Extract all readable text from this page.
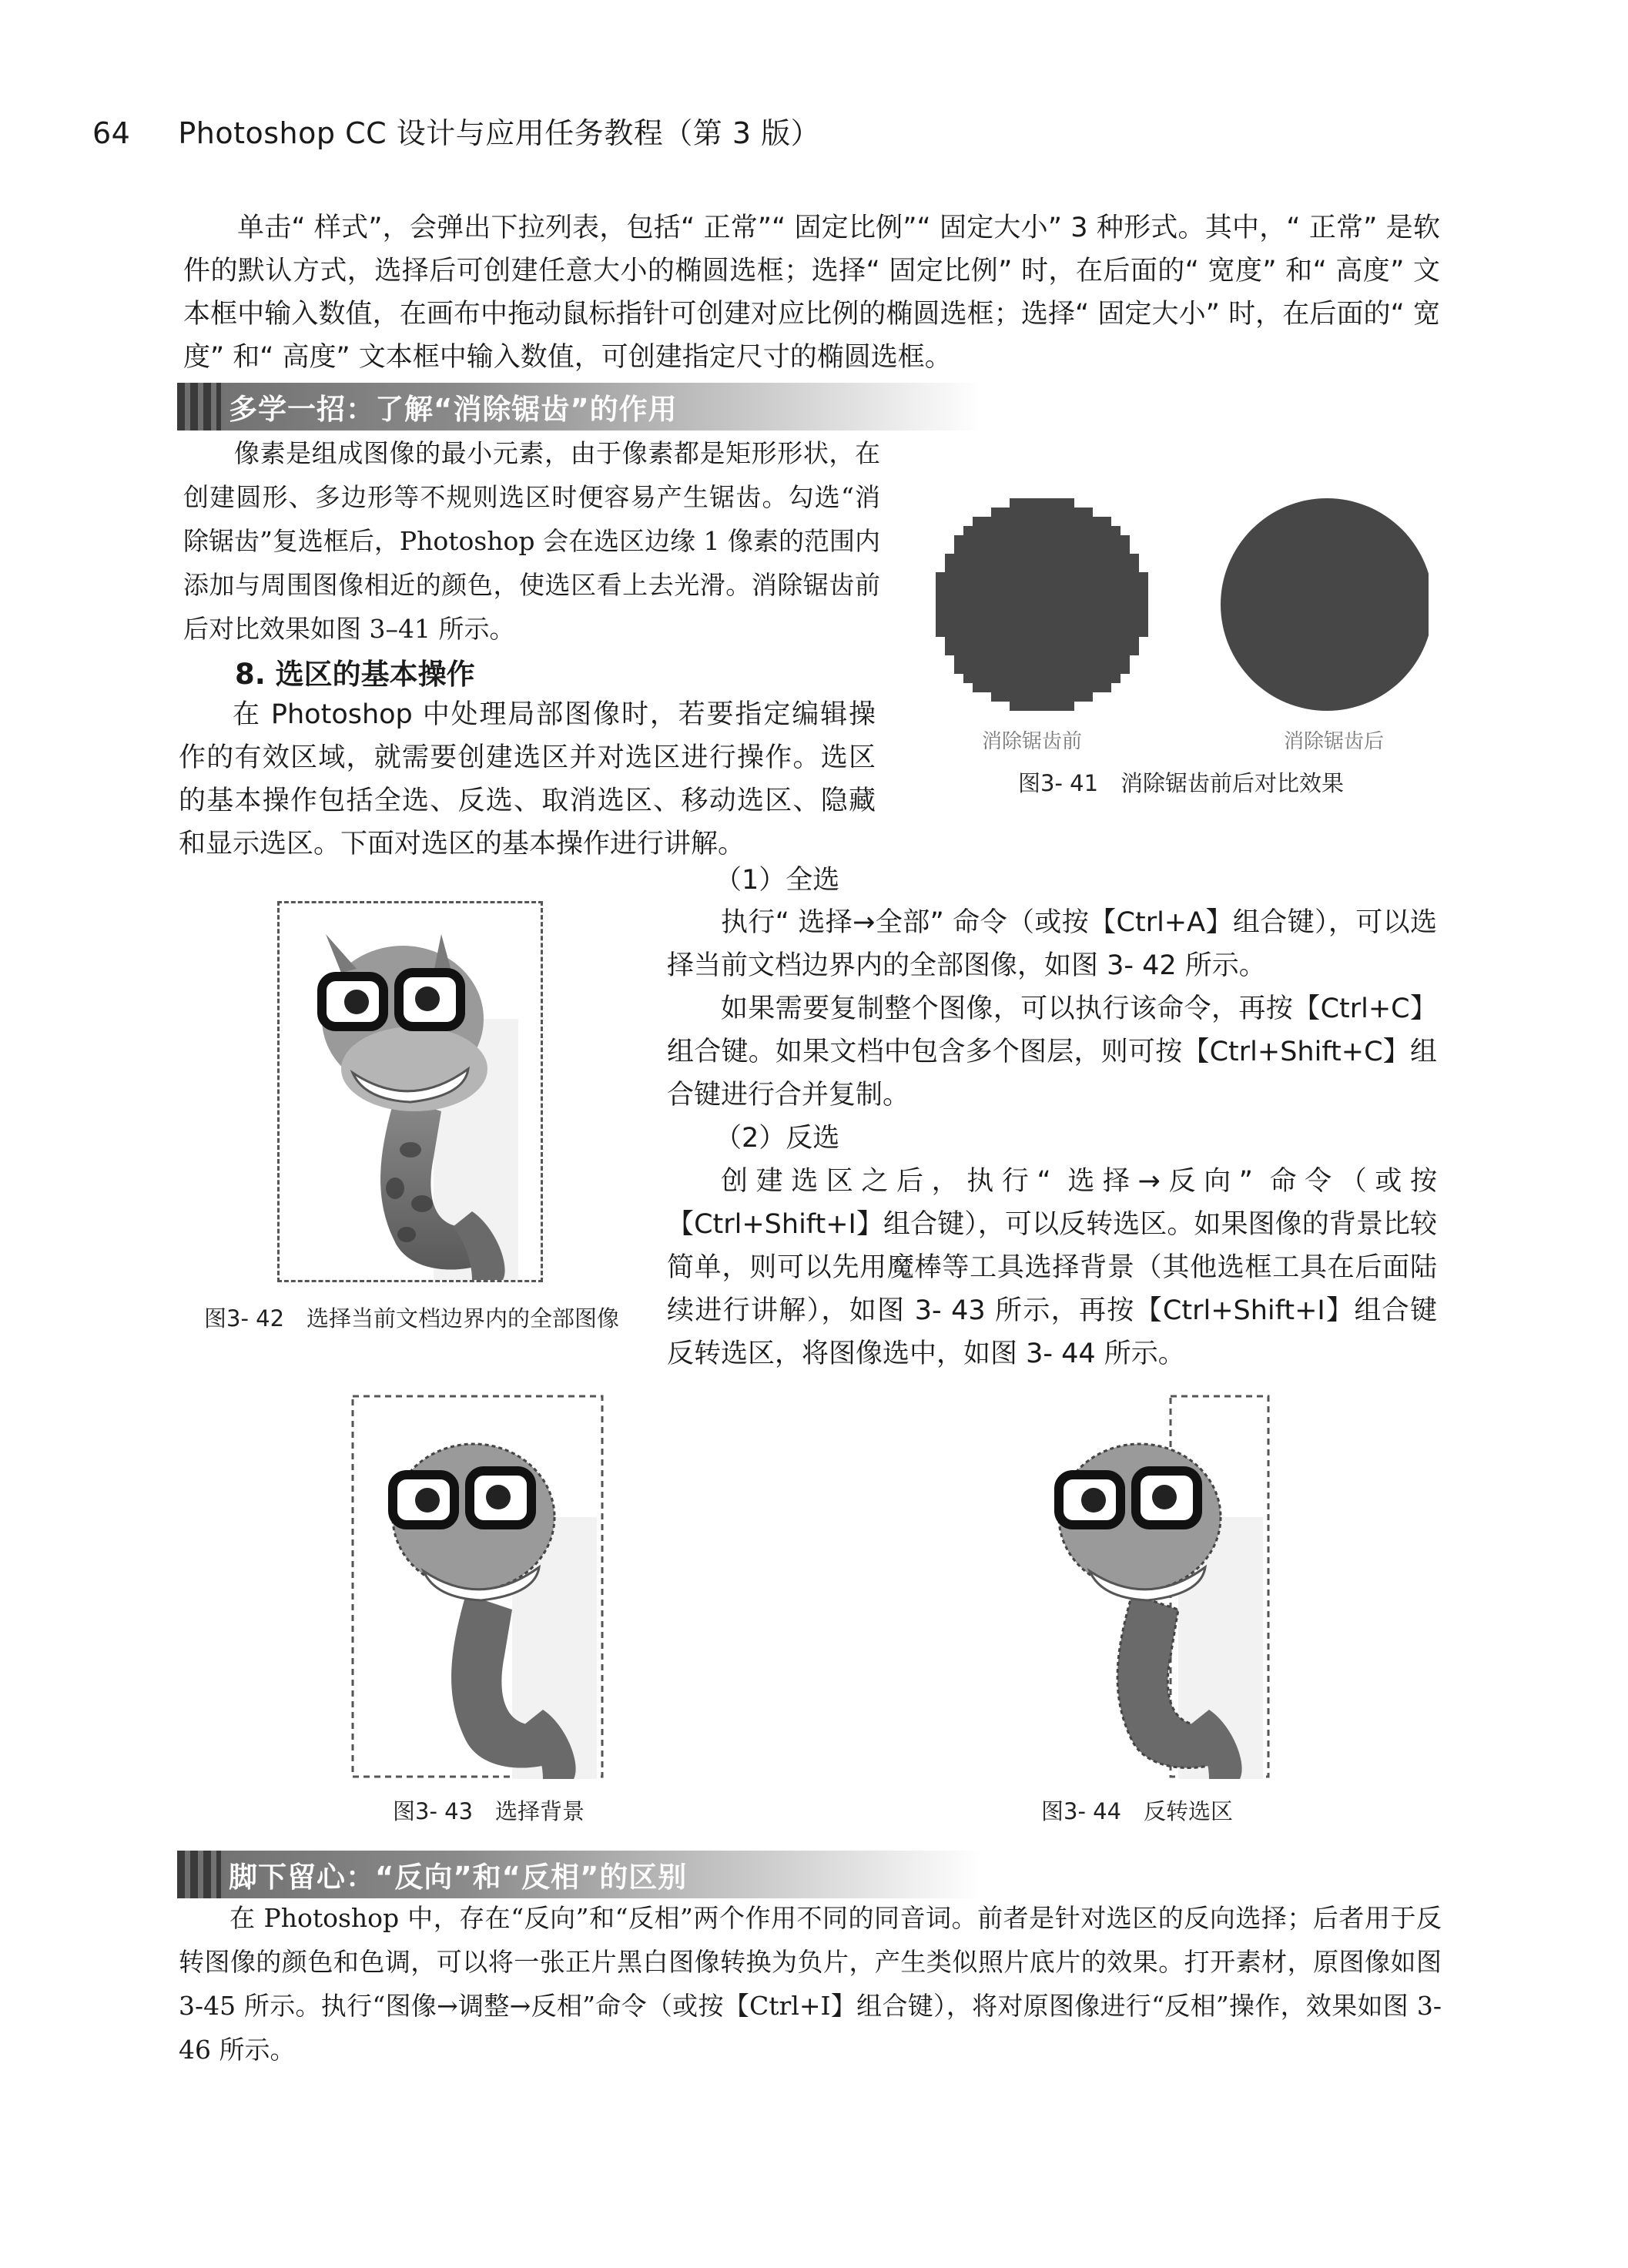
64 Photoshop CC 设计与应用任务教程（第 3 版）
单击“ 样式”，会弹出下拉列表，包括“ 正常”“ 固定比例”“ 固定大小” 3 种形式。其中，“ 正常” 是软件的默认方式，选择后可创建任意大小的椭圆选框；选择“ 固定比例” 时，在后面的“ 宽度” 和“ 高度” 文本框中输入数值，在画布中拖动鼠标指针可创建对应比例的椭圆选框；选择“ 固定大小” 时，在后面的“ 宽度” 和“ 高度” 文本框中输入数值，可创建指定尺寸的椭圆选框。
多学一招：了解“消除锯齿”的作用
像素是组成图像的最小元素，由于像素都是矩形形状，在创建圆形、多边形等不规则选区时便容易产生锯齿。勾选“消除锯齿”复选框后，Photoshop 会在选区边缘 1 像素的范围内添加与周围图像相近的颜色，使选区看上去光滑。消除锯齿前后对比效果如图 3–41 所示。
消除锯齿前	消除锯齿后
图3- 41　消除锯齿前后对比效果
8. 选区的基本操作
在 Photoshop 中处理局部图像时，若要指定编辑操作的有效区域，就需要创建选区并对选区进行操作。选区的基本操作包括全选、反选、取消选区、移动选区、隐藏和显示选区。下面对选区的基本操作进行讲解。
图3- 42　选择当前文档边界内的全部图像
（1）全选
执行“ 选择→全部” 命令（或按【Ctrl+A】组合键），可以选择当前文档边界内的全部图像，如图 3- 42 所示。
如果需要复制整个图像，可以执行该命令，再按【Ctrl+C】组合键。如果文档中包含多个图层，则可按【Ctrl+Shift+C】组合键进行合并复制。
（2）反选
创建选区之后，执行“ 选择→反向” 命令（或按【Ctrl+Shift+I】组合键），可以反转选区。如果图像的背景比较简单，则可以先用魔棒等工具选择背景（其他选框工具在后面陆续进行讲解），如图 3- 43 所示，再按【Ctrl+Shift+I】组合键反转选区，将图像选中，如图 3- 44 所示。
图3- 43　选择背景	图3- 44　反转选区
脚下留心：“反向”和“反相”的区别
在 Photoshop 中，存在“反向”和“反相”两个作用不同的同音词。前者是针对选区的反向选择；后者用于反转图像的颜色和色调，可以将一张正片黑白图像转换为负片，产生类似照片底片的效果。打开素材，原图像如图 3-45 所示。执行“图像→调整→反相”命令（或按【Ctrl+I】组合键），将对原图像进行“反相”操作，效果如图 3-46 所示。
